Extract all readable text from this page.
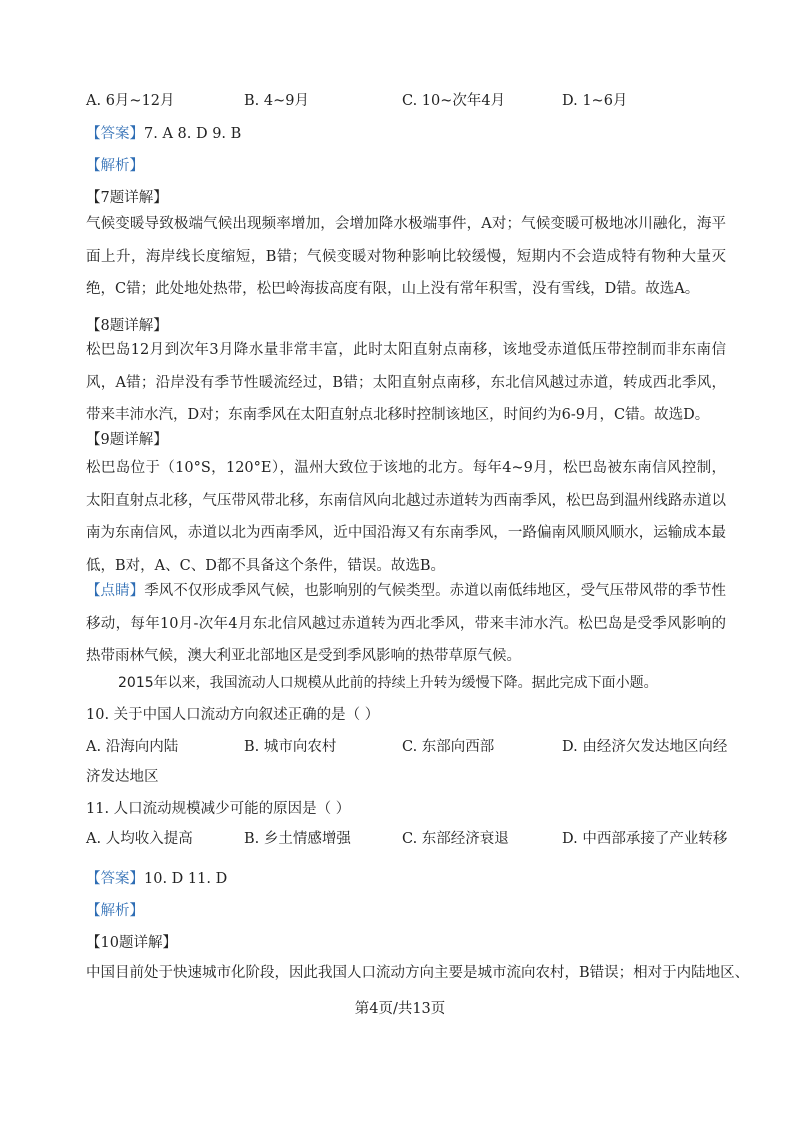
A. 6月~12月	B. 4~9月	C. 10~次年4月	D. 1~6月
【答案】7. A 8. D 9. B
【解析】
【7题详解】
气候变暖导致极端气候出现频率增加，会增加降水极端事件，A对；气候变暖可极地冰川融化，海平面上升，海岸线长度缩短，B错；气候变暖对物种影响比较缓慢，短期内不会造成特有物种大量灭绝，C错；此处地处热带，松巴岭海拔高度有限，山上没有常年积雪，没有雪线，D错。故选A。
【8题详解】
松巴岛12月到次年3月降水量非常丰富，此时太阳直射点南移，该地受赤道低压带控制而非东南信风，A错；沿岸没有季节性暖流经过，B错；太阳直射点南移，东北信风越过赤道，转成西北季风，带来丰沛水汽，D对；东南季风在太阳直射点北移时控制该地区，时间约为6-9月，C错。故选D。
【9题详解】
松巴岛位于（10°S，120°E），温州大致位于该地的北方。每年4~9月，松巴岛被东南信风控制，太阳直射点北移，气压带风带北移，东南信风向北越过赤道转为西南季风，松巴岛到温州线路赤道以南为东南信风，赤道以北为西南季风，近中国沿海又有东南季风，一路偏南风顺风顺水，运输成本最低，B对，A、C、D都不具备这个条件，错误。故选B。
【点睛】季风不仅形成季风气候，也影响别的气候类型。赤道以南低纬地区，受气压带风带的季节性移动，每年10月-次年4月东北信风越过赤道转为西北季风，带来丰沛水汽。松巴岛是受季风影响的热带雨林气候，澳大利亚北部地区是受到季风影响的热带草原气候。
2015年以来，我国流动人口规模从此前的持续上升转为缓慢下降。据此完成下面小题。
10. 关于中国人口流动方向叙述正确的是（ ）
A. 沿海向内陆	B. 城市向农村	C. 东部向西部	D. 由经济欠发达地区向经
济发达地区
11. 人口流动规模减少可能的原因是（ ）
A. 人均收入提高	B. 乡土情感增强	C. 东部经济衰退	D. 中西部承接了产业转移
【答案】10. D 11. D
【解析】
【10题详解】
中国目前处于快速城市化阶段，因此我国人口流动方向主要是城市流向农村，B错误；相对于内陆地区、
第4页/共13页
